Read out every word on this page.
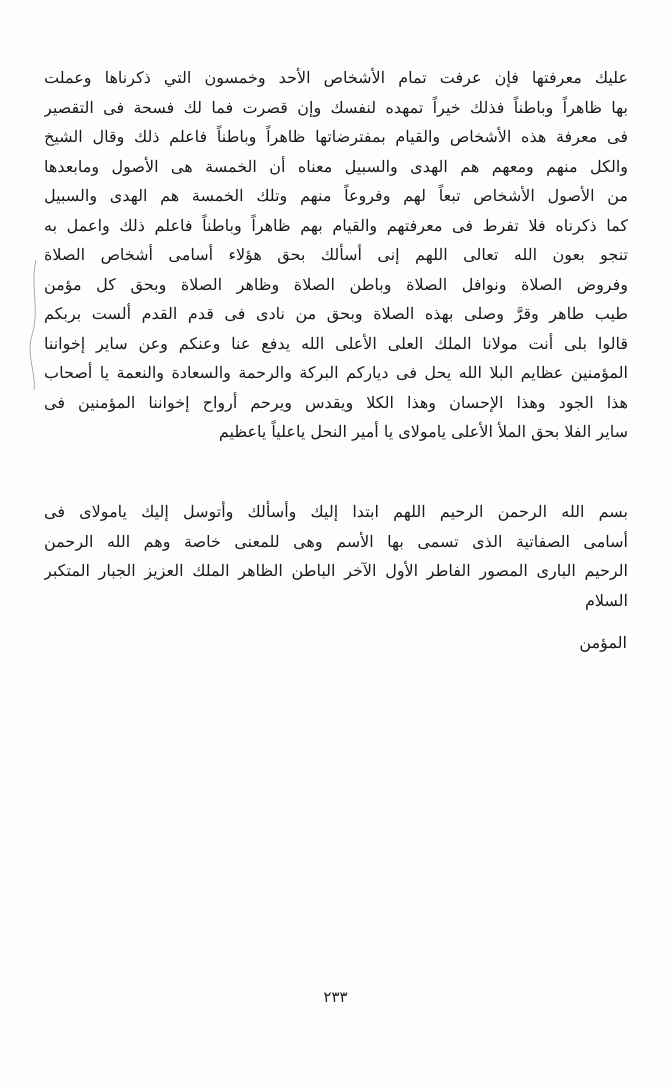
عليك معرفتها فإن عرفت تمام الأشخاص الأحد وخمسون التي ذكرناها وعملت
بها ظاهراً وباطناً فذلك خيراً تمهده لنفسك وإن قصرت فما لك فسحة فى التقصير
فى معرفة هذه الأشخاص والقيام بمفترضاتها ظاهراً وباطناً فاعلم ذلك وقال الشيخ
والكل منهم ومعهم هم الهدى والسبيل معناه أن الخمسة هى الأصول ومابعدها
من الأصول الأشخاص تبعاً لهم وفروعاً منهم وتلك الخمسة هم الهدى والسبيل
كما ذكرناه فلا تفرط فى معرفتهم والقيام بهم ظاهراً وباطناً فاعلم ذلك واعمل به
تنجو بعون الله تعالى اللهم إنى أسألك بحق هؤلاء أسامى أشخاص الصلاة
وفروض الصلاة ونوافل الصلاة وباطن الصلاة وظاهر الصلاة وبحق كل مؤمن
طيب طاهر وقرَّ وصلى بهذه الصلاة وبحق من نادى فى قدم القدم ألست بربكم
قالوا بلى أنت مولانا الملك العلى الأعلى الله يدفع عنا وعنكم وعن ساير إخواننا
المؤمنين عظايم البلا الله يحل فى ديارکم البركة والرحمة والسعادة والنعمة يا أصحاب
هذا الجود وهذا الإحسان وهذا الكلا ويقدس ويرحم أرواح إخواننا المؤمنين فى
ساير الفلا بحق الملأ الأعلى يامولاى يا أمير النحل ياعلياً ياعظيم
بسم الله الرحمن الرحيم اللهم ابتدا إليك وأسألك وأتوسل إليك يامولاى فى
أسامى الصفاتية الذى تسمى بها الأسم وهى للمعنى خاصة وهم الله الرحمن
الرحيم البارى المصور الفاطر الأول الآخر الباطن الظاهر الملك العزيز الجبار المتكبر
السلام
المؤمن
٢٣٣
